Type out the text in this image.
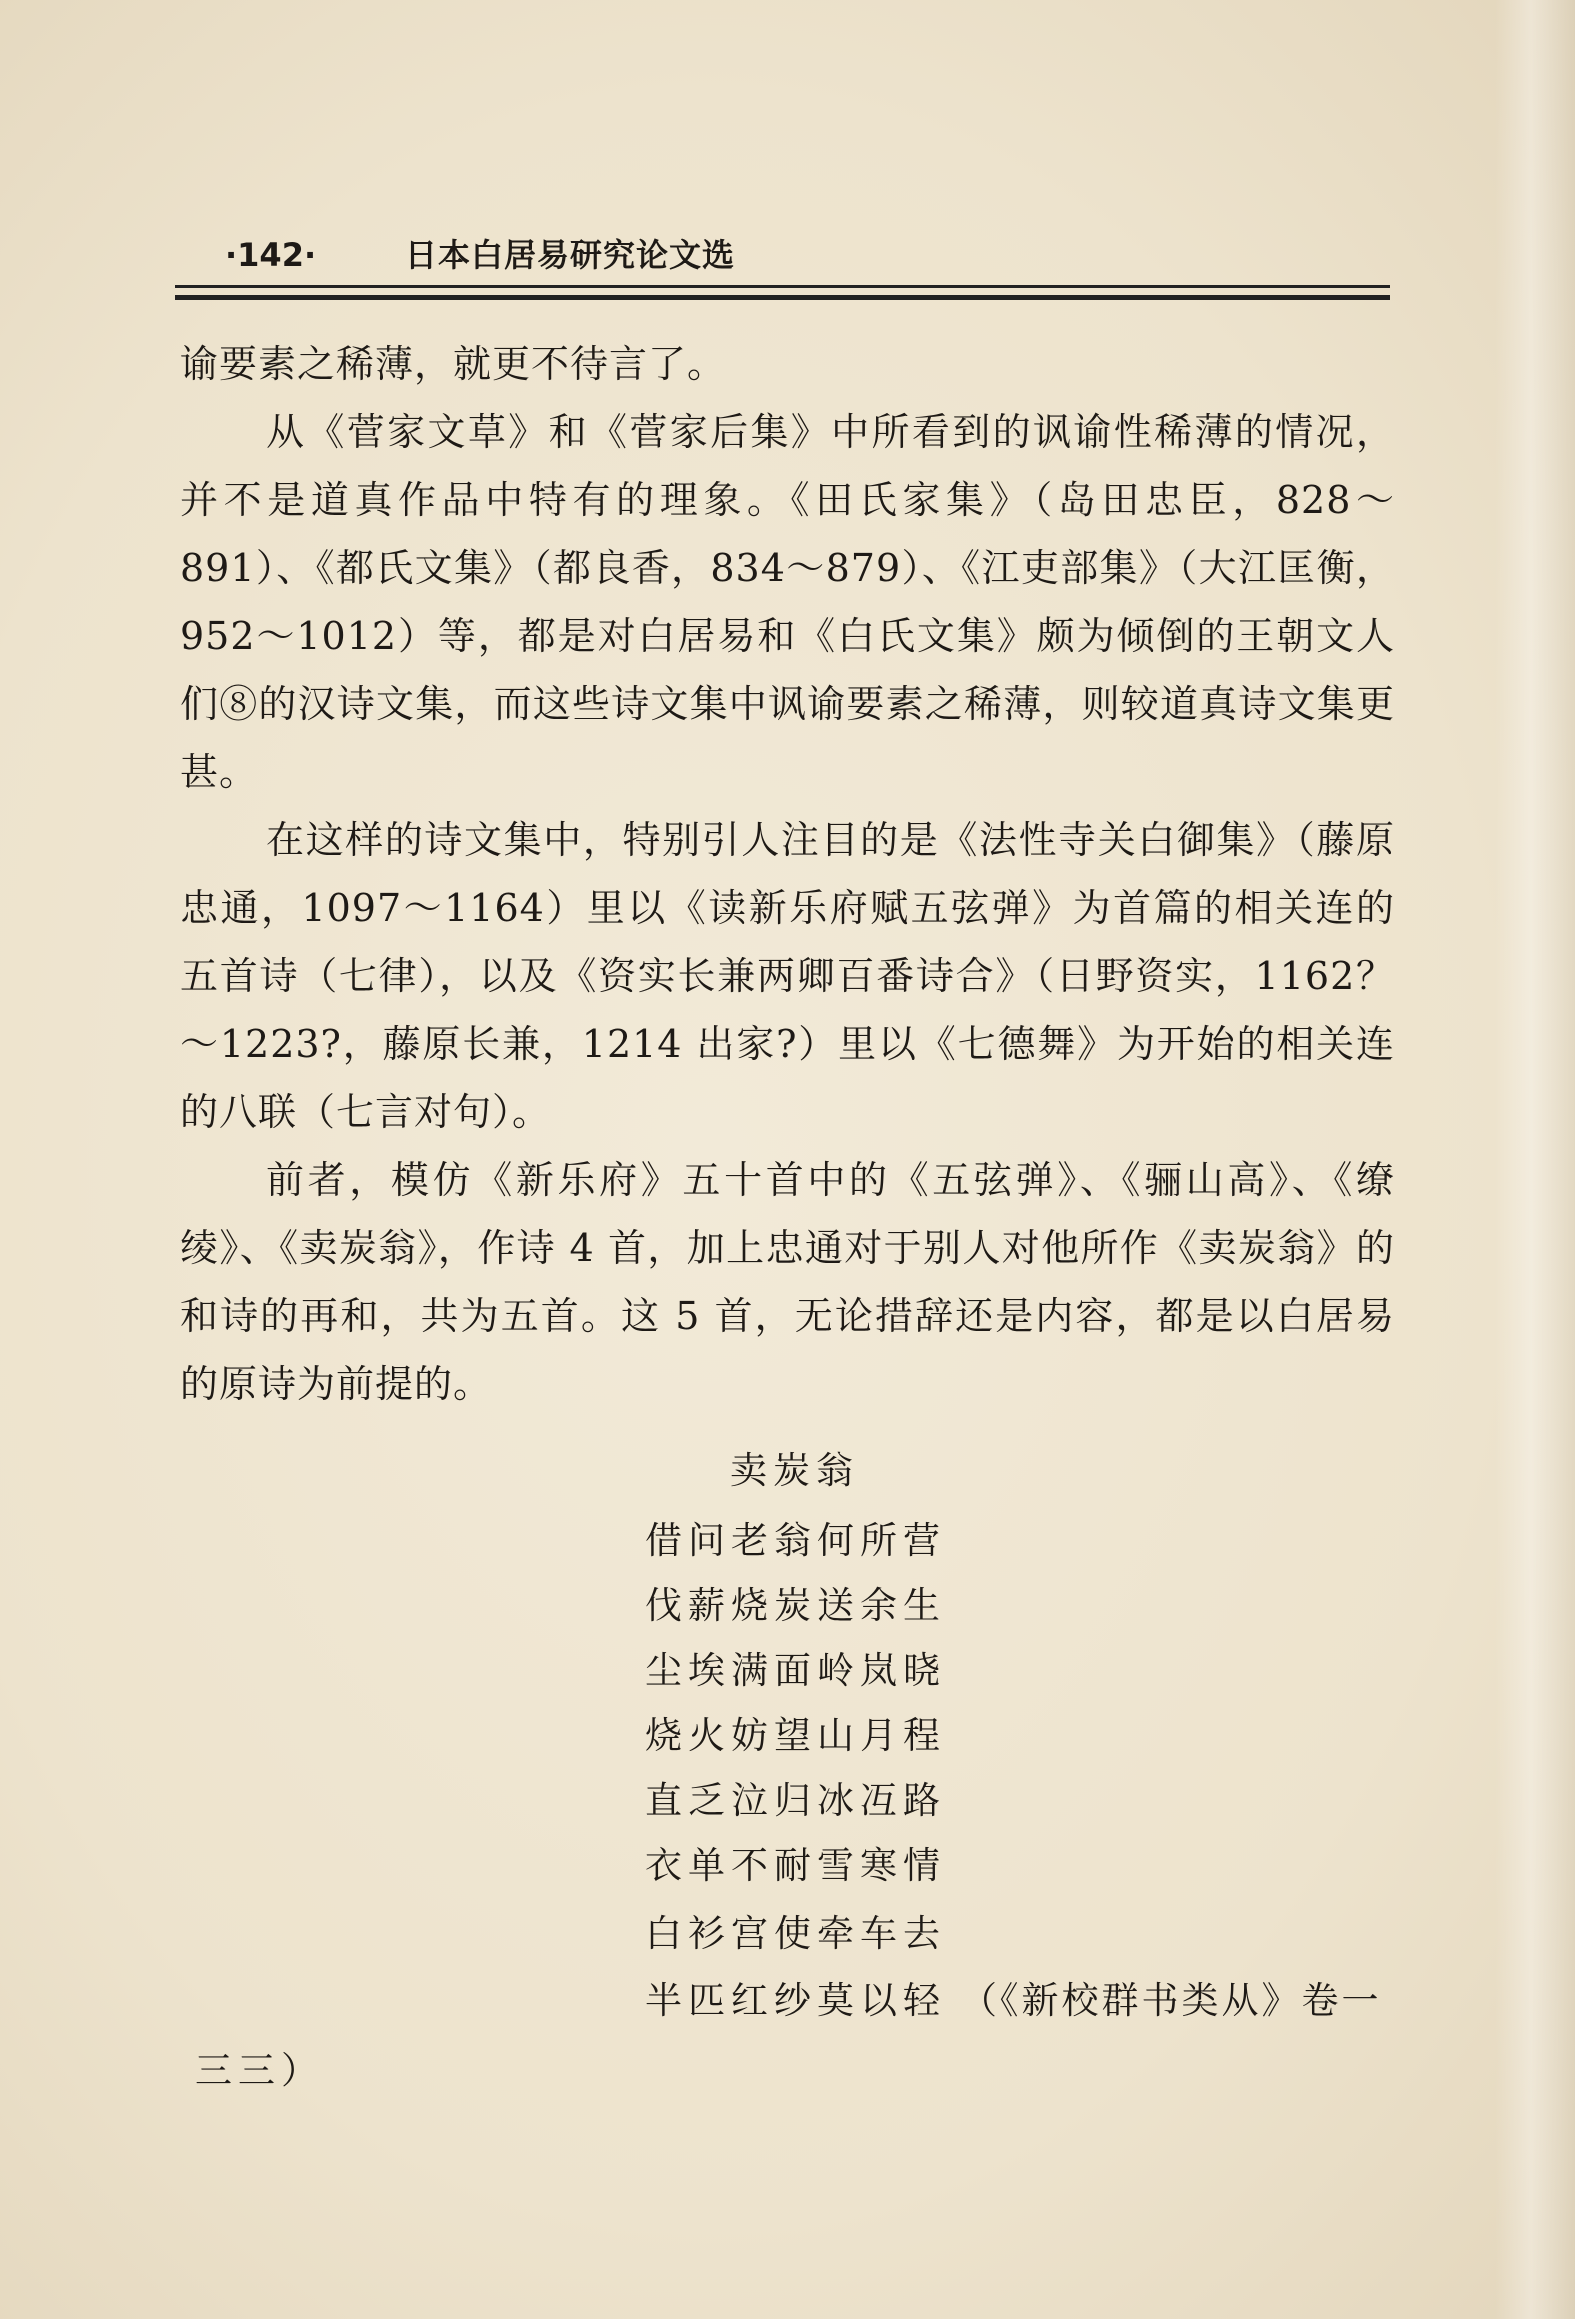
·142·	日本白居易研究论文选

谕要素之稀薄，就更不待言了。

从《菅家文草》和《菅家后集》中所看到的讽谕性稀薄的情况，并不是道真作品中特有的理象。《田氏家集》（岛田忠臣，828～891）、《都氏文集》（都良香，834～879）、《江吏部集》（大江匡衡，952～1012）等，都是对白居易和《白氏文集》颇为倾倒的王朝文人们⑧的汉诗文集，而这些诗文集中讽谕要素之稀薄，则较道真诗文集更甚。

在这样的诗文集中，特别引人注目的是《法性寺关白御集》（藤原忠通，1097～1164）里以《读新乐府赋五弦弹》为首篇的相关连的五首诗（七律），以及《资实长兼两卿百番诗合》（日野资实，1162？～1223?，藤原长兼，1214 出家?）里以《七德舞》为开始的相关连的八联（七言对句）。

前者，模仿《新乐府》五十首中的《五弦弹》、《骊山高》、《缭绫》、《卖炭翁》，作诗 4 首，加上忠通对于别人对他所作《卖炭翁》的和诗的再和，共为五首。这 5 首，无论措辞还是内容，都是以白居易的原诗为前提的。

卖炭翁
借问老翁何所营
伐薪烧炭送余生
尘埃满面岭岚晓
烧火妨望山月程
直乏泣归冰冱路
衣单不耐雪寒情
白衫宫使牵车去
半匹红纱莫以轻 （《新校群书类从》卷一
三三）
